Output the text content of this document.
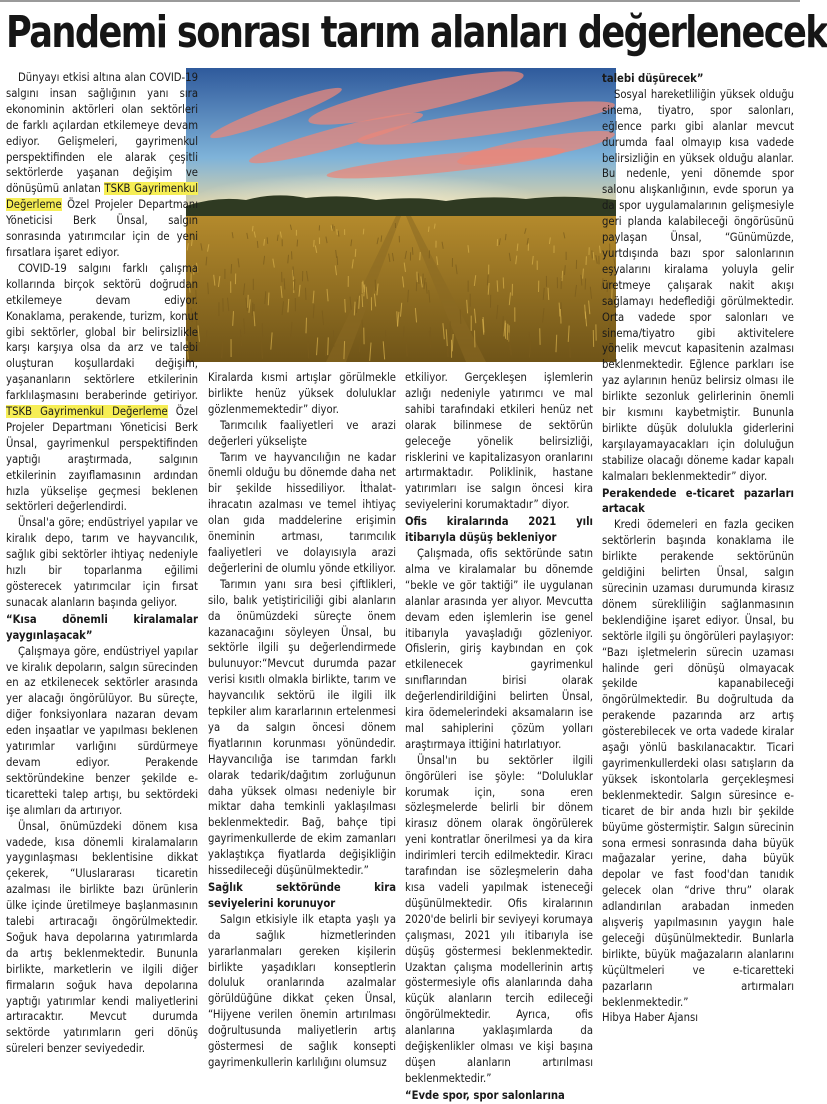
Pandemi sonrası tarım alanları değerlenecek

Dünyayı etkisi altına alan COVID-19 salgını insan sağlığının yanı sıra ekonominin aktörleri olan sektörleri de farklı açılardan etkilemeye devam ediyor. Gelişmeleri, gayrimenkul perspektifinden ele alarak çeşitli sektörlerde yaşanan değişim ve dönüşümü anlatan TSKB Gayrimenkul Değerleme Özel Projeler Departmanı Yöneticisi Berk Ünsal, salgın sonrasında yatırımcılar için de yeni fırsatlara işaret ediyor.

COVID-19 salgını farklı çalışma kollarında birçok sektörü doğrudan etkilemeye devam ediyor. Konaklama, perakende, turizm, konut gibi sektörler, global bir belirsizlikle karşı karşıya olsa da arz ve talebi oluşturan koşullardaki değişim, yaşananların sektörlere etkilerinin farklılaşmasını beraberinde getiriyor. TSKB Gayrimenkul Değerleme Özel Projeler Departmanı Yöneticisi Berk Ünsal, gayrimenkul perspektifinden yaptığı araştırmada, salgının etkilerinin zayıflamasının ardından hızla yükselişe geçmesi beklenen sektörleri değerlendirdi.

Ünsal'a göre; endüstriyel yapılar ve kiralık depo, tarım ve hayvancılık, sağlık gibi sektörler ihtiyaç nedeniyle hızlı bir toparlanma eğilimi gösterecek yatırımcılar için fırsat sunacak alanların başında geliyor.

“Kısa dönemli kiralamalar yaygınlaşacak”

Çalışmaya göre, endüstriyel yapılar ve kiralık depoların, salgın sürecinden en az etkilenecek sektörler arasında yer alacağı öngörülüyor. Bu süreçte, diğer fonksiyonlara nazaran devam eden inşaatlar ve yapılması beklenen yatırımlar varlığını sürdürmeye devam ediyor. Perakende sektöründekine benzer şekilde e-ticaretteki talep artışı, bu sektördeki işe alımları da artırıyor.

Ünsal, önümüzdeki dönem kısa vadede, kısa dönemli kiralamaların yaygınlaşması beklentisine dikkat çekerek, “Uluslararası ticaretin azalması ile birlikte bazı ürünlerin ülke içinde üretilmeye başlanmasının talebi artıracağı öngörülmektedir. Soğuk hava depolarına yatırımlarda da artış beklenmektedir. Bununla birlikte, marketlerin ve ilgili diğer firmaların soğuk hava depolarına yaptığı yatırımlar kendi maliyetlerini artıracaktır. Mevcut durumda sektörde yatırımların geri dönüş süreleri benzer seviyededir.

Kiralarda kısmi artışlar görülmekle birlikte henüz yüksek doluluklar gözlenmemektedir” diyor.

Tarımcılık faaliyetleri ve arazi değerleri yükselişte

Tarım ve hayvancılığın ne kadar önemli olduğu bu dönemde daha net bir şekilde hissediliyor. İthalat-ihracatın azalması ve temel ihtiyaç olan gıda maddelerine erişimin öneminin artması, tarımcılık faaliyetleri ve dolayısıyla arazi değerlerini de olumlu yönde etkiliyor.

Tarımın yanı sıra besi çiftlikleri, silo, balık yetiştiriciliği gibi alanların da önümüzdeki süreçte önem kazanacağını söyleyen Ünsal, bu sektörle ilgili şu değerlendirmede bulunuyor:“Mevcut durumda pazar verisi kısıtlı olmakla birlikte, tarım ve hayvancılık sektörü ile ilgili ilk tepkiler alım kararlarının ertelenmesi ya da salgın öncesi dönem fiyatlarının korunması yönündedir. Hayvancılığa ise tarımdan farklı olarak tedarik/dağıtım zorluğunun daha yüksek olması nedeniyle bir miktar daha temkinli yaklaşılması beklenmektedir. Bağ, bahçe tipi gayrimenkullerde de ekim zamanları yaklaştıkça fiyatlarda değişikliğin hissedileceği düşünülmektedir.”

Sağlık sektöründe kira seviyelerini korunuyor

Salgın etkisiyle ilk etapta yaşlı ya da sağlık hizmetlerinden yararlanmaları gereken kişilerin birlikte yaşadıkları konseptlerin doluluk oranlarında azalmalar görüldüğüne dikkat çeken Ünsal, “Hijyene verilen önemin artırılması doğrultusunda maliyetlerin artış göstermesi de sağlık konsepti gayrimenkullerin karlılığını olumsuz

etkiliyor. Gerçekleşen işlemlerin azlığı nedeniyle yatırımcı ve mal sahibi tarafındaki etkileri henüz net olarak bilinmese de sektörün geleceğe yönelik belirsizliği, risklerini ve kapitalizasyon oranlarını artırmaktadır. Poliklinik, hastane yatırımları ise salgın öncesi kira seviyelerini korumaktadır” diyor.

Ofis kiralarında 2021 yılı itibarıyla düşüş bekleniyor

Çalışmada, ofis sektöründe satın alma ve kiralamalar bu dönemde “bekle ve gör taktiği” ile uygulanan alanlar arasında yer alıyor. Mevcutta devam eden işlemlerin ise genel itibarıyla yavaşladığı gözleniyor. Ofislerin, giriş kaybından en çok etkilenecek gayrimenkul sınıflarından birisi olarak değerlendirildiğini belirten Ünsal, kira ödemelerindeki aksamaların ise mal sahiplerini çözüm yolları araştırmaya ittiğini hatırlatıyor.

Ünsal'ın bu sektörler ilgili öngörüleri ise şöyle: “Doluluklar korumak için, sona eren sözleşmelerde belirli bir dönem kirasız dönem olarak öngörülerek yeni kontratlar önerilmesi ya da kira indirimleri tercih edilmektedir. Kiracı tarafından ise sözleşmelerin daha kısa vadeli yapılmak isteneceği düşünülmektedir. Ofis kiralarının 2020'de belirli bir seviyeyi korumaya çalışması, 2021 yılı itibarıyla ise düşüş göstermesi beklenmektedir. Uzaktan çalışma modellerinin artış göstermesiyle ofis alanlarında daha küçük alanların tercih edileceği öngörülmektedir. Ayrıca, ofis alanlarına yaklaşımlarda da değişkenlikler olması ve kişi başına düşen alanların artırılması beklenmektedir.”

“Evde spor, spor salonlarına
talebi düşürecek”

Sosyal hareketliliğin yüksek olduğu sinema, tiyatro, spor salonları, eğlence parkı gibi alanlar mevcut durumda faal olmayıp kısa vadede belirsizliğin en yüksek olduğu alanlar. Bu nedenle, yeni dönemde spor salonu alışkanlığının, evde sporun ya da spor uygulamalarının gelişmesiyle geri planda kalabileceği öngörüsünü paylaşan Ünsal, “Günümüzde, yurtdışında bazı spor salonlarının eşyalarını kiralama yoluyla gelir üretmeye çalışarak nakit akışı sağlamayı hedeflediği görülmektedir. Orta vadede spor salonları ve sinema/tiyatro gibi aktivitelere yönelik mevcut kapasitenin azalması beklenmektedir. Eğlence parkları ise yaz aylarının henüz belirsiz olması ile birlikte sezonluk gelirlerinin önemli bir kısmını kaybetmiştir. Bununla birlikte düşük dolulukla giderlerini karşılayamayacakları için doluluğun stabilize olacağı döneme kadar kapalı kalmaları beklenmektedir” diyor.

Perakendede e-ticaret pazarları artacak

Kredi ödemeleri en fazla geciken sektörlerin başında konaklama ile birlikte perakende sektörünün geldiğini belirten Ünsal, salgın sürecinin uzaması durumunda kirasız dönem sürekliliğin sağlanmasının beklendiğine işaret ediyor. Ünsal, bu sektörle ilgili şu öngörüleri paylaşıyor: “Bazı işletmelerin sürecin uzaması halinde geri dönüşü olmayacak şekilde kapanabileceği öngörülmektedir. Bu doğrultuda da perakende pazarında arz artış gösterebilecek ve orta vadede kiralar aşağı yönlü baskılanacaktır. Ticari gayrimenkullerdeki olası satışların da yüksek iskontolarla gerçekleşmesi beklenmektedir. Salgın süresince e-ticaret de bir anda hızlı bir şekilde büyüme göstermiştir. Salgın sürecinin sona ermesi sonrasında daha büyük mağazalar yerine, daha büyük depolar ve fast food'dan tanıdık gelecek olan “drive thru” olarak adlandırılan arabadan inmeden alışveriş yapılmasının yaygın hale geleceği düşünülmektedir. Bunlarla birlikte, büyük mağazaların alanlarını küçültmeleri ve e-ticaretteki pazarların artırmaları beklenmektedir.”

Hibya Haber Ajansı
